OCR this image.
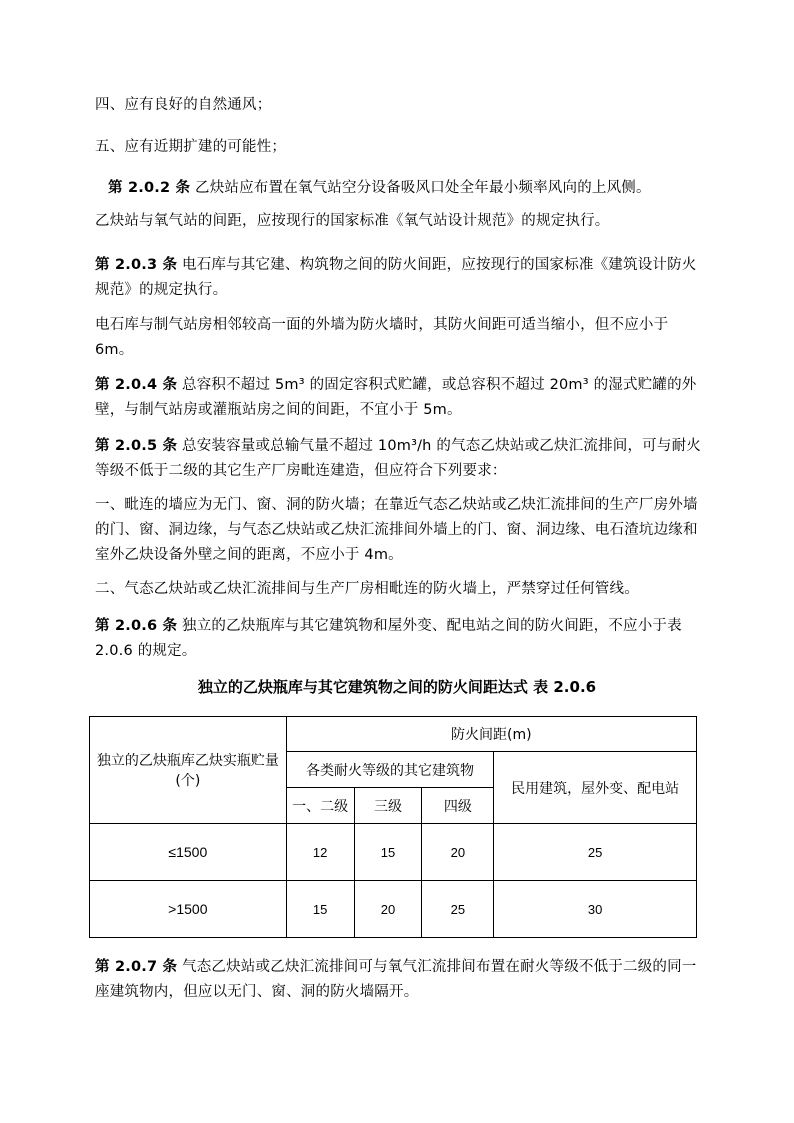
四、应有良好的自然通风；
五、应有近期扩建的可能性；
第 2.0.2 条 乙炔站应布置在氧气站空分设备吸风口处全年最小频率风向的上风侧。
乙炔站与氧气站的间距，应按现行的国家标准《氧气站设计规范》的规定执行。
第 2.0.3 条 电石库与其它建、构筑物之间的防火间距，应按现行的国家标准《建筑设计防火规范》的规定执行。
电石库与制气站房相邻较高一面的外墙为防火墙时，其防火间距可适当缩小，但不应小于 6m。
第 2.0.4 条 总容积不超过 5m³ 的固定容积式贮罐，或总容积不超过 20m³ 的湿式贮罐的外壁，与制气站房或灌瓶站房之间的间距，不宜小于 5m。
第 2.0.5 条 总安装容量或总输气量不超过 10m³/h 的气态乙炔站或乙炔汇流排间，可与耐火等级不低于二级的其它生产厂房毗连建造，但应符合下列要求：
一、毗连的墙应为无门、窗、洞的防火墙；在靠近气态乙炔站或乙炔汇流排间的生产厂房外墙的门、窗、洞边缘，与气态乙炔站或乙炔汇流排间外墙上的门、窗、洞边缘、电石渣坑边缘和室外乙炔设备外壁之间的距离，不应小于 4m。
二、气态乙炔站或乙炔汇流排间与生产厂房相毗连的防火墙上，严禁穿过任何管线。
第 2.0.6 条 独立的乙炔瓶库与其它建筑物和屋外变、配电站之间的防火间距，不应小于表 2.0.6 的规定。
独立的乙炔瓶库与其它建筑物之间的防火间距达式 表 2.0.6
独立的乙炔瓶库乙炔实瓶贮量(个)	防火间距(m)			
	各类耐火等级的其它建筑物			民用建筑，屋外变、配电站
	一、二级	三级	四级	
≤1500	12	15	20	25
>1500	15	20	25	30
第 2.0.7 条 气态乙炔站或乙炔汇流排间可与氧气汇流排间布置在耐火等级不低于二级的同一座建筑物内，但应以无门、窗、洞的防火墙隔开。
